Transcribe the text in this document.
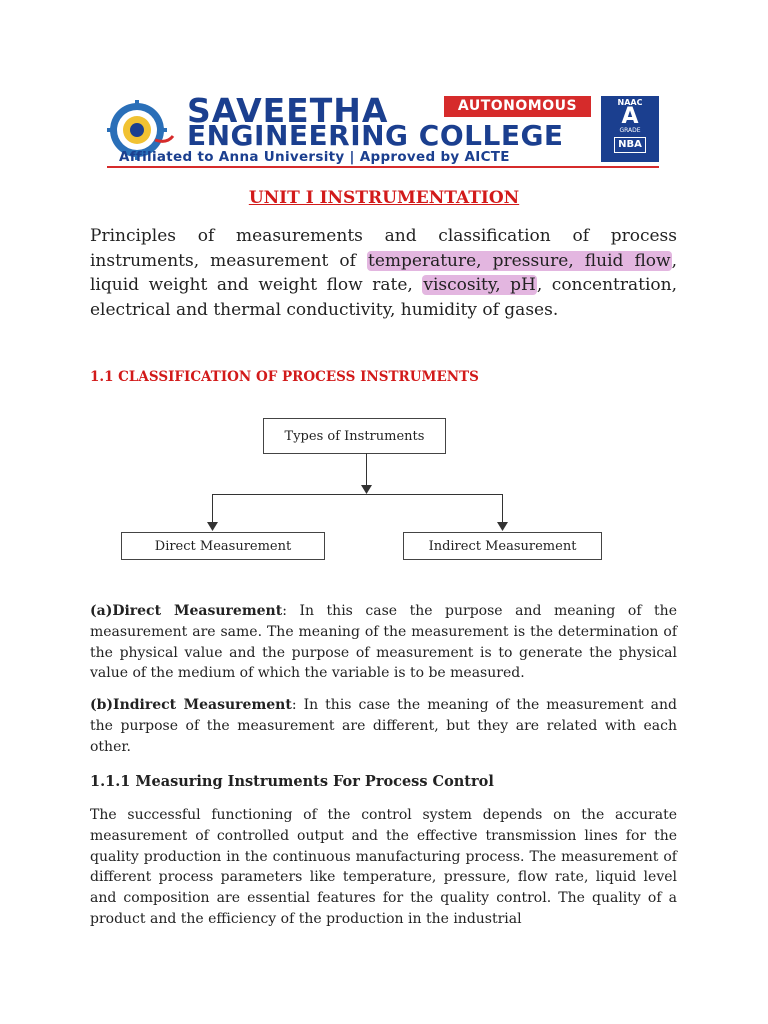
SAVEETHA
ENGINEERING COLLEGE
Affiliated to Anna University | Approved by AICTE
AUTONOMOUS	NAAC
A
GRADE
NBA
UNIT I INSTRUMENTATION
Principles of measurements and classification of process instruments, measurement of temperature, pressure, fluid flow, liquid weight and weight flow rate, viscosity, pH, concentration, electrical and thermal conductivity, humidity of gases.
1.1 CLASSIFICATION OF PROCESS INSTRUMENTS
Types of Instruments
Direct Measurement	Indirect Measurement
(a)Direct Measurement: In this case the purpose and meaning of the measurement are same. The meaning of the measurement is the determination of the physical value and the purpose of measurement is to generate the physical value of the medium of which the variable is to be measured.
(b)Indirect Measurement: In this case the meaning of the measurement and the purpose of the measurement are different, but they are related with each other.
1.1.1 Measuring Instruments For Process Control
The successful functioning of the control system depends on the accurate measurement of controlled output and the effective transmission lines for the quality production in the continuous manufacturing process. The measurement of different process parameters like temperature, pressure, flow rate, liquid level and composition are essential features for the quality control. The quality of a product and the efficiency of the production in the industrial
